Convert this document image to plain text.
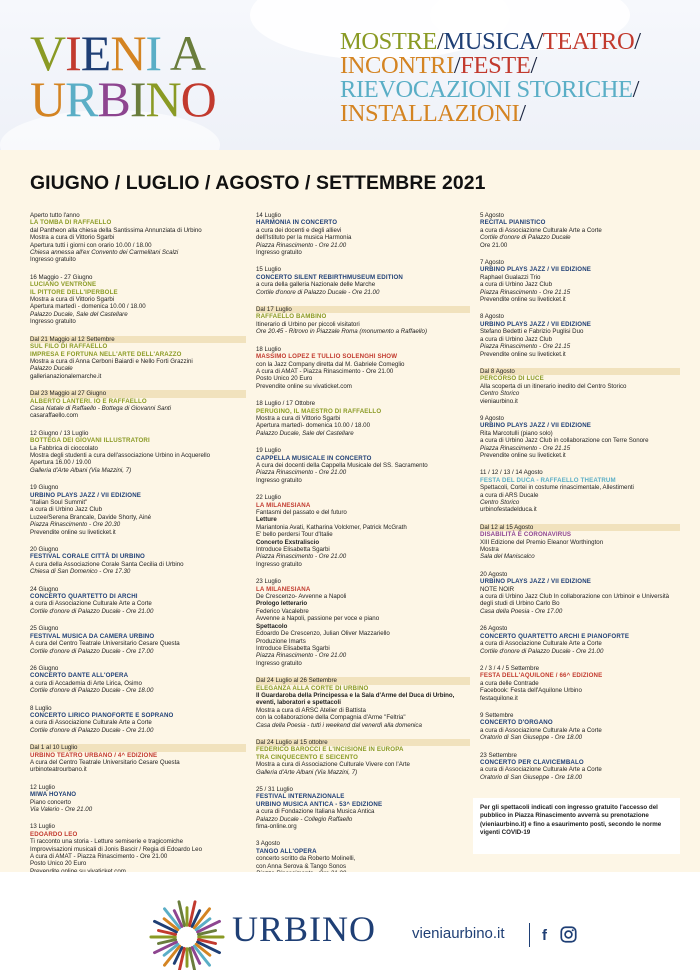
VIENI A
URBINO
MOSTRE/MUSICA/TEATRO/
INCONTRI/FESTE/
RIEVOCAZIONI STORICHE/
INSTALLAZIONI/
GIUGNO / LUGLIO / AGOSTO / SETTEMBRE 2021
Aperto tutto l'anno
LA TOMBA DI RAFFAELLO
dal Pantheon alla chiesa della Santissima Annunziata di Urbino
Mostra a cura di Vittorio Sgarbi
Apertura tutti i giorni con orario 10.00 / 18.00
Chiesa annessa all'ex Convento dei Carmelitani Scalzi
Ingresso gratuito
16 Maggio - 27 Giugno
LUCIANO VENTRONE
IL PITTORE DELL'IPERBOLE
Mostra a cura di Vittorio Sgarbi
Apertura martedì - domenica 10.00 / 18.00
Palazzo Ducale, Sale del Castellare
Ingresso gratuito
Dal 21 Maggio al 12 Settembre
SUL FILO DI RAFFAELLO
IMPRESA E FORTUNA NELL'ARTE DELL'ARAZZO
Mostra a cura di Anna Cerboni Baiardi e Nello Forti Grazzini
Palazzo Ducale
gallerianazionalemarche.it
Dal 23 Maggio al 27 Giugno
ALBERTO LANTERI. IO E RAFFAELLO
Casa Natale di Raffaello - Bottega di Giovanni Santi
casaraffaello.com
12 Giugno / 13 Luglio
BOTTEGA DEI GIOVANI ILLUSTRATORI
La Fabbrica di cioccolato
Mostra degli studenti a cura dell'associazione Urbino in Acquerello
Apertura 16.00 / 19.00
Galleria d'Arte Albani (Via Mazzini, 7)
19 Giugno
URBINO PLAYS JAZZ / VII EDIZIONE
"Italian Soul Summit"
a cura di Urbino Jazz Club
Luzee/Serena Brancale, Davide Shorty, Ainé
Piazza Rinascimento - Ore 20.30
Prevendite online su liveticket.it
20 Giugno
FESTIVAL CORALE CITTÀ DI URBINO
A cura della Associazione Corale Santa Cecilia di Urbino
Chiesa di San Domenico - Ore 17.30
24 Giugno
CONCERTO QUARTETTO DI ARCHI
a cura di Associazione Culturale Arte a Corte
Cortile d'onore di Palazzo Ducale - Ore 21.00
25 Giugno
FESTIVAL MUSICA DA CAMERA URBINO
A cura del Centro Teatrale Universitario Cesare Questa
Cortile d'onore di Palazzo Ducale - Ore 17.00
26 Giugno
CONCERTO DANTE ALL'OPERA
a cura di Accademia di Arte Lirica, Osimo
Cortile d'onore di Palazzo Ducale - Ore 18.00
8 Luglio
CONCERTO LIRICO PIANOFORTE E SOPRANO
a cura di Associazione Culturale Arte a Corte
Cortile d'onore di Palazzo Ducale - Ore 21.00
Dal 1 al 10 Luglio
URBINO TEATRO URBANO / 4^ EDIZIONE
A cura del Centro Teatrale Universitario Cesare Questa
urbinoteatrourbano.it
12 Luglio
MIWA HOYANO
Piano concerto
Via Valerio - Ore 21.00
13 Luglio
EDOARDO LEO
Ti racconto una storia - Letture semiserie e tragicomiche
Improvvisazioni musicali di Jonis Bascir / Regia di Edoardo Leo
A cura di AMAT - Piazza Rinascimento - Ore 21.00
Posto Unico 20 Euro
14 Luglio
HARMONIA IN CONCERTO
a cura dei docenti e degli allievi
dell'Istituto per la musica Harmonia
Piazza Rinascimento - Ore 21.00
Ingresso gratuito
15 Luglio
CONCERTO SILENT REBIRTHMUSEUM EDITION
a cura della galleria Nazionale delle Marche
Cortile d'onore di Palazzo Ducale - Ore 21.00
Dal 17 Luglio
RAFFAELLO BAMBINO
Itinerario di Urbino per piccoli visitatori
Ore 20.45 - Ritrovo in Piazzale Roma (monumento a Raffaello)
18 Luglio
MASSIMO LOPEZ E TULLIO SOLENGHI SHOW
con la Jazz Company diretta dal M. Gabriele Comeglio
A cura di AMAT - Piazza Rinascimento - Ore 21.00
Posto Unico 20 Euro
Prevendite online su vivaticket.com
18 Luglio / 17 Ottobre
PERUGINO, IL MAESTRO DI RAFFAELLO
Mostra a cura di Vittorio Sgarbi
Apertura martedì- domenica 10.00 / 18.00
Palazzo Ducale, Sale del Castellare
19 Luglio
CAPPELLA MUSICALE IN CONCERTO
A cura dei docenti della Cappella Musicale del SS. Sacramento
Piazza Rinascimento - Ore 21.00
Ingresso gratuito
22 Luglio
LA MILANESIANA
Fantasmi del passato e del futuro
Letture
Mariantonia Avati, Katharina Volckmer, Patrick McGrath
E' bello perdersi Tour d'Italie
Concerto Exstraliscio
Introduce Elisabetta Sgarbi
Piazza Rinascimento - Ore 21.00
Ingresso gratuito
23 Luglio
LA MILANESIANA
De Crescenzo- Avvenne a Napoli
Prologo letterario
Federico Vacalebre
Avvenne a Napoli, passione per voce e piano
Spettacolo
Edoardo De Crescenzo, Julian Oliver Mazzariello
Produzione Imarts
Introduce Elisabetta Sgarbi
Piazza Rinascimento - Ore 21.00
Ingresso gratuito
Dal 24 Luglio al 26 Settembre
ELEGANZA ALLA CORTE DI URBINO
Il Guardaroba della Principessa e la Sala d'Arme del Duca di Urbino, eventi, laboratori e spettacoli
Mostra a cura di ARSC Atelier di Battista
con la collaborazione della Compagnia d'Arme "Feltria"
Casa della Poesia - tutti i weekend dal venerdì alla domenica
Dal 24 Luglio al 15 ottobre
FEDERICO BAROCCI E L'INCISIONE IN EUROPA
TRA CINQUECENTO E SEICENTO
Mostra a cura di Associazione Culturale Vivere con l'Arte
Galleria d'Arte Albani (Via Mazzini, 7)
25 / 31 Luglio
FESTIVAL INTERNAZIONALE
URBINO MUSICA ANTICA - 53^ EDIZIONE
a cura di Fondazione Italiana Musica Antica
Palazzo Ducale - Collegio Raffaello
fima-online.org
3 Agosto
TANGO ALL'OPERA
concerto scritto da Roberto Molinelli,
con Anna Serova & Tango Sonos
5 Agosto
RECITAL PIANISTICO
a cura di Associazione Culturale Arte a Corte
Cortile d'onore di Palazzo Ducale
Ore 21.00
7 Agosto
URBINO PLAYS JAZZ / VII EDIZIONE
Raphael Gualazzi Trio
a cura di Urbino Jazz Club
Piazza Rinascimento - Ore 21.15
Prevendite online su liveticket.it
8 Agosto
URBINO PLAYS JAZZ / VII EDIZIONE
Stefano Bedetti e Fabrizio Puglisi Duo
a cura di Urbino Jazz Club
Piazza Rinascimento - Ore 21.15
Prevendite online su liveticket.it
Dal 8 Agosto
PERCORSO DI LUCE
Alla scoperta di un itinerario inedito del Centro Storico
Centro Storico
vieniaurbino.it
9 Agosto
URBINO PLAYS JAZZ / VII EDIZIONE
Rita Marcotulli (piano solo)
a cura di Urbino Jazz Club in collaborazione con Terre Sonore
Piazza Rinascimento - Ore 21.15
Prevendite online su liveticket.it
11 / 12 / 13 / 14 Agosto
FESTA DEL DUCA - RAFFAELLO THEATRUM
Spettacoli, Cortei in costume rinascimentale, Allestimenti
a cura di ARS Ducale
Centro Storico
urbinofestadelduca.it
Dal 12 al 15 Agosto
DISABILITÀ E CORONAVIRUS
XIII Edizione del Premio Eleanor Worthington
Mostra
Sala del Maniscalco
20 Agosto
URBINO PLAYS JAZZ / VII EDIZIONE
NOTE NOIR
a cura di Urbino Jazz Club In collaborazione con Urbinoir e Università degli studi di Urbino Carlo Bo
Casa della Poesia - Ore 17.00
26 Agosto
CONCERTO QUARTETTO ARCHI E PIANOFORTE
a cura di Associazione Culturale Arte a Corte
Cortile d'onore di Palazzo Ducale - Ore 21.00
2 / 3 / 4 / 5 Settembre
FESTA DELL'AQUILONE / 66^ EDIZIONE
a cura delle Contrade
Facebook: Festa dell'Aquilone Urbino
festaquilone.it
9 Settembre
CONCERTO D'ORGANO
a cura di Associazione Culturale Arte a Corte
Oratorio di San Giuseppe - Ore 18.00
23 Settembre
CONCERTO PER CLAVICEMBALO
a cura di Associazione Culturale Arte a Corte
Oratorio di San Giuseppe - Ore 18.00
Per gli spettacoli indicati con ingresso gratuito l'accesso del pubblico in Piazza Rinascimento avverrà su prenotazione (vieniaurbino.it) e fino a esaurimento posti, secondo le norme vigenti COVID-19
URBINO vieniaurbino.it f
